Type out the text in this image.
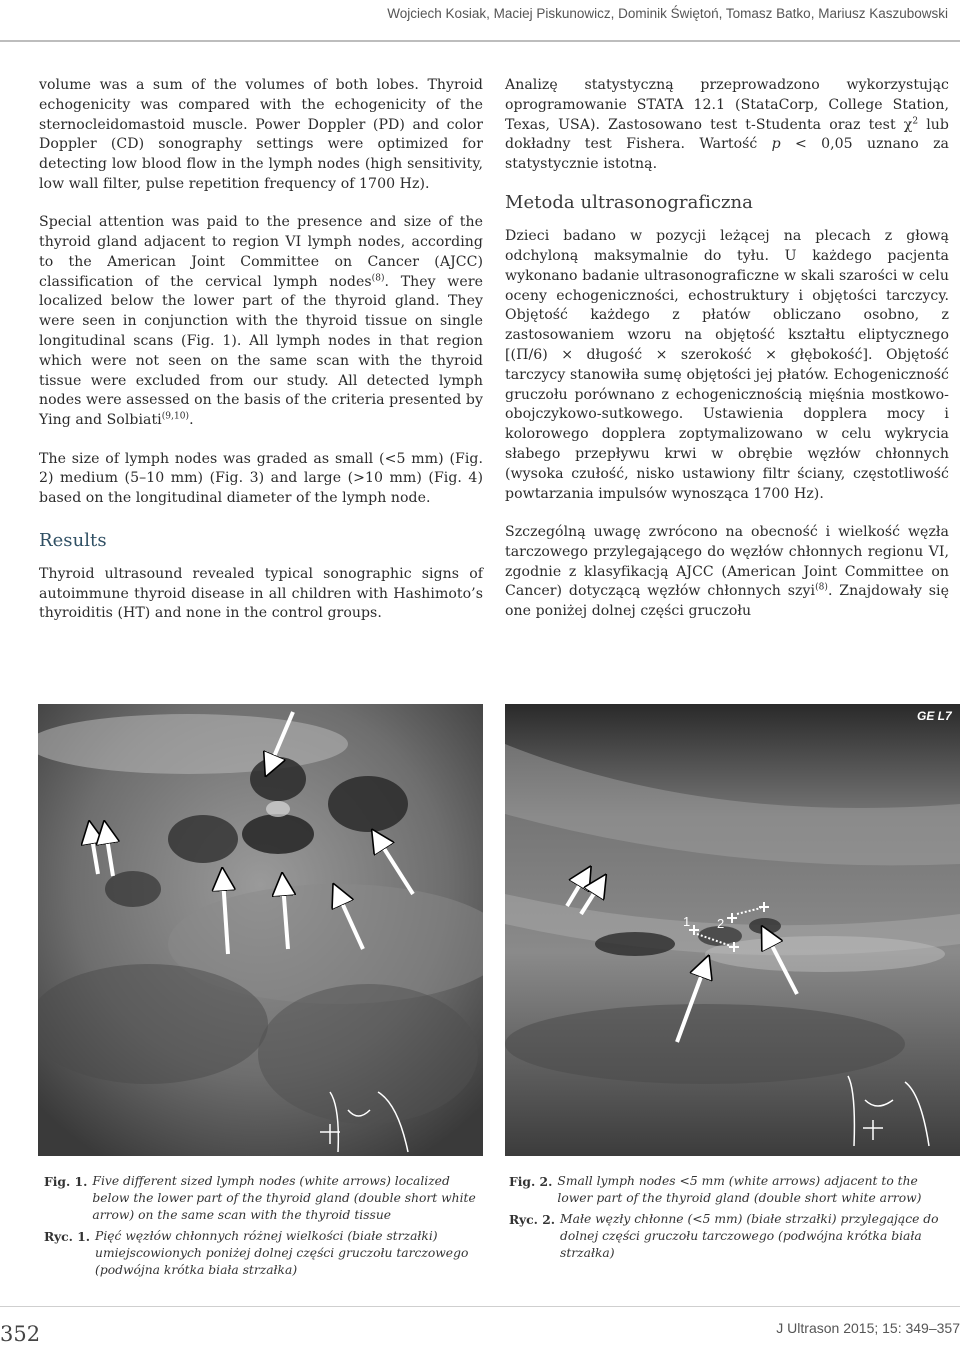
Wojciech Kosiak, Maciej Piskunowicz, Dominik Świętoń, Tomasz Batko, Mariusz Kaszubowski

volume was a sum of the volumes of both lobes. Thyroid echogenicity was compared with the echogenicity of the sternocleidomastoid muscle. Power Doppler (PD) and color Doppler (CD) sonography settings were optimized for detecting low blood flow in the lymph nodes (high sensitivity, low wall filter, pulse repetition frequency of 1700 Hz).

Special attention was paid to the presence and size of the thyroid gland adjacent to region VI lymph nodes, according to the American Joint Committee on Cancer (AJCC) classification of the cervical lymph nodes$^{(8)}$. They were localized below the lower part of the thyroid gland. They were seen in conjunction with the thyroid tissue on single longitudinal scans (Fig. 1). All lymph nodes in that region which were not seen on the same scan with the thyroid tissue were excluded from our study. All detected lymph nodes were assessed on the basis of the criteria presented by Ying and Solbiati$^{(9,10)}$.

The size of lymph nodes was graded as small (<5 mm) (Fig. 2) medium (5–10 mm) (Fig. 3) and large (>10 mm) (Fig. 4) based on the longitudinal diameter of the lymph node.

Results

Thyroid ultrasound revealed typical sonographic signs of autoimmune thyroid disease in all children with Hashimoto’s thyroiditis (HT) and none in the control groups.

Analizę statystyczną przeprowadzono wykorzystując oprogramowanie STATA 12.1 (StataCorp, College Station, Texas, USA). Zastosowano test t-Studenta oraz test $\chi^2$ lub dokładny test Fishera. Wartość p < 0,05 uznano za statystycznie istotną.

Metoda ultrasonograficzna

Dzieci badano w pozycji leżącej na plecach z głową odchyloną maksymalnie do tyłu. U każdego pacjenta wykonano badanie ultrasonograficzne w skali szarości w celu oceny echogeniczności, echostruktury i objętości tarczycy. Objętość każdego z płatów obliczano osobno, z zastosowaniem wzoru na objętość kształtu eliptycznego [(Π/6) × długość × szerokość × głębokość]. Objętość tarczycy stanowiła sumę objętości jej płatów. Echogeniczność gruczołu porównano z echogenicznością mięśnia mostkowo-obojczykowo-sutkowego. Ustawienia dopplera mocy i kolorowego dopplera zoptymalizowano w celu wykrycia słabego przepływu krwi w obrębie węzłów chłonnych (wysoka czułość, nisko ustawiony filtr ściany, częstotliwość powtarzania impulsów wynosząca 1700 Hz).

Szczególną uwagę zwrócono na obecność i wielkość węzła tarczowego przylegającego do węzłów chłonnych regionu VI, zgodnie z klasyfikacją AJCC (American Joint Committee on Cancer) dotyczącą węzłów chłonnych szyi$^{(8)}$. Znajdowały się one poniżej dolnej części gruczołu

GE L7
1 2
Fig. 1. Five different sized lymph nodes (white arrows) localized below the lower part of the thyroid gland (double short white arrow) on the same scan with the thyroid tissue
Ryc. 1. Pięć węzłów chłonnych różnej wielkości (białe strzałki) umiejscowionych poniżej dolnej części gruczołu tarczowego (podwójna krótka biała strzałka)
Fig. 2. Small lymph nodes <5 mm (white arrows) adjacent to the lower part of the thyroid gland (double short white arrow)
Ryc. 2. Małe węzły chłonne (<5 mm) (białe strzałki) przylegające do dolnej części gruczołu tarczowego (podwójna krótka biała strzałka)
352	J Ultrason 2015; 15: 349–357
